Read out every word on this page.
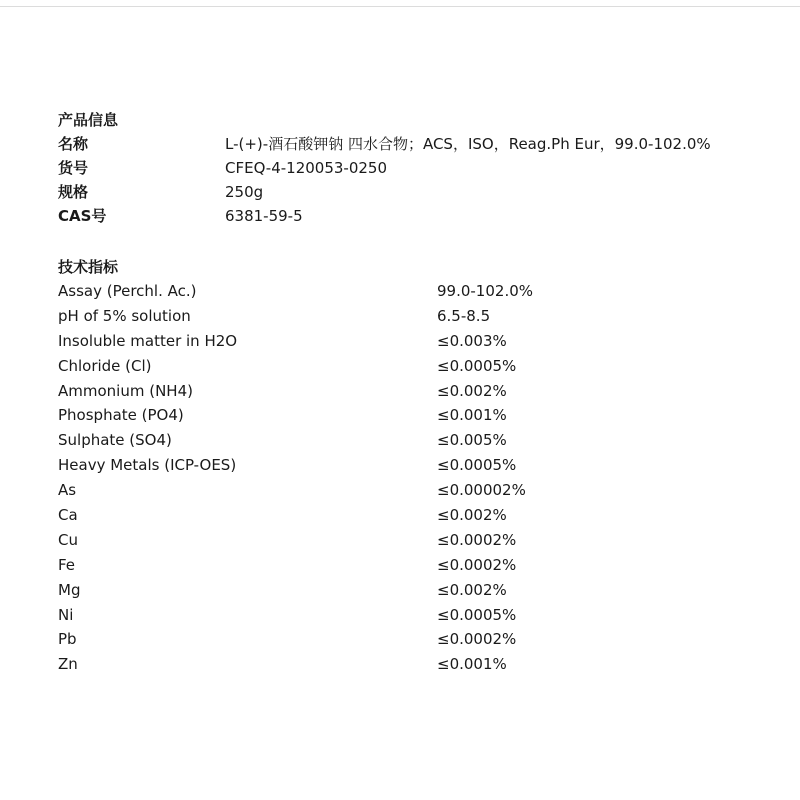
产品信息
名称	L-(+)-酒石酸钾钠 四水合物；ACS，ISO，Reag.Ph Eur，99.0-102.0%
货号	CFEQ-4-120053-0250
规格	250g
CAS号	6381-59-5
技术指标
Assay (Perchl. Ac.)	99.0-102.0%
pH of 5% solution	6.5-8.5
Insoluble matter in H2O	≤0.003%
Chloride (Cl)	≤0.0005%
Ammonium (NH4)	≤0.002%
Phosphate (PO4)	≤0.001%
Sulphate (SO4)	≤0.005%
Heavy Metals (ICP-OES)	≤0.0005%
As	≤0.00002%
Ca	≤0.002%
Cu	≤0.0002%
Fe	≤0.0002%
Mg	≤0.002%
Ni	≤0.0005%
Pb	≤0.0002%
Zn	≤0.001%
